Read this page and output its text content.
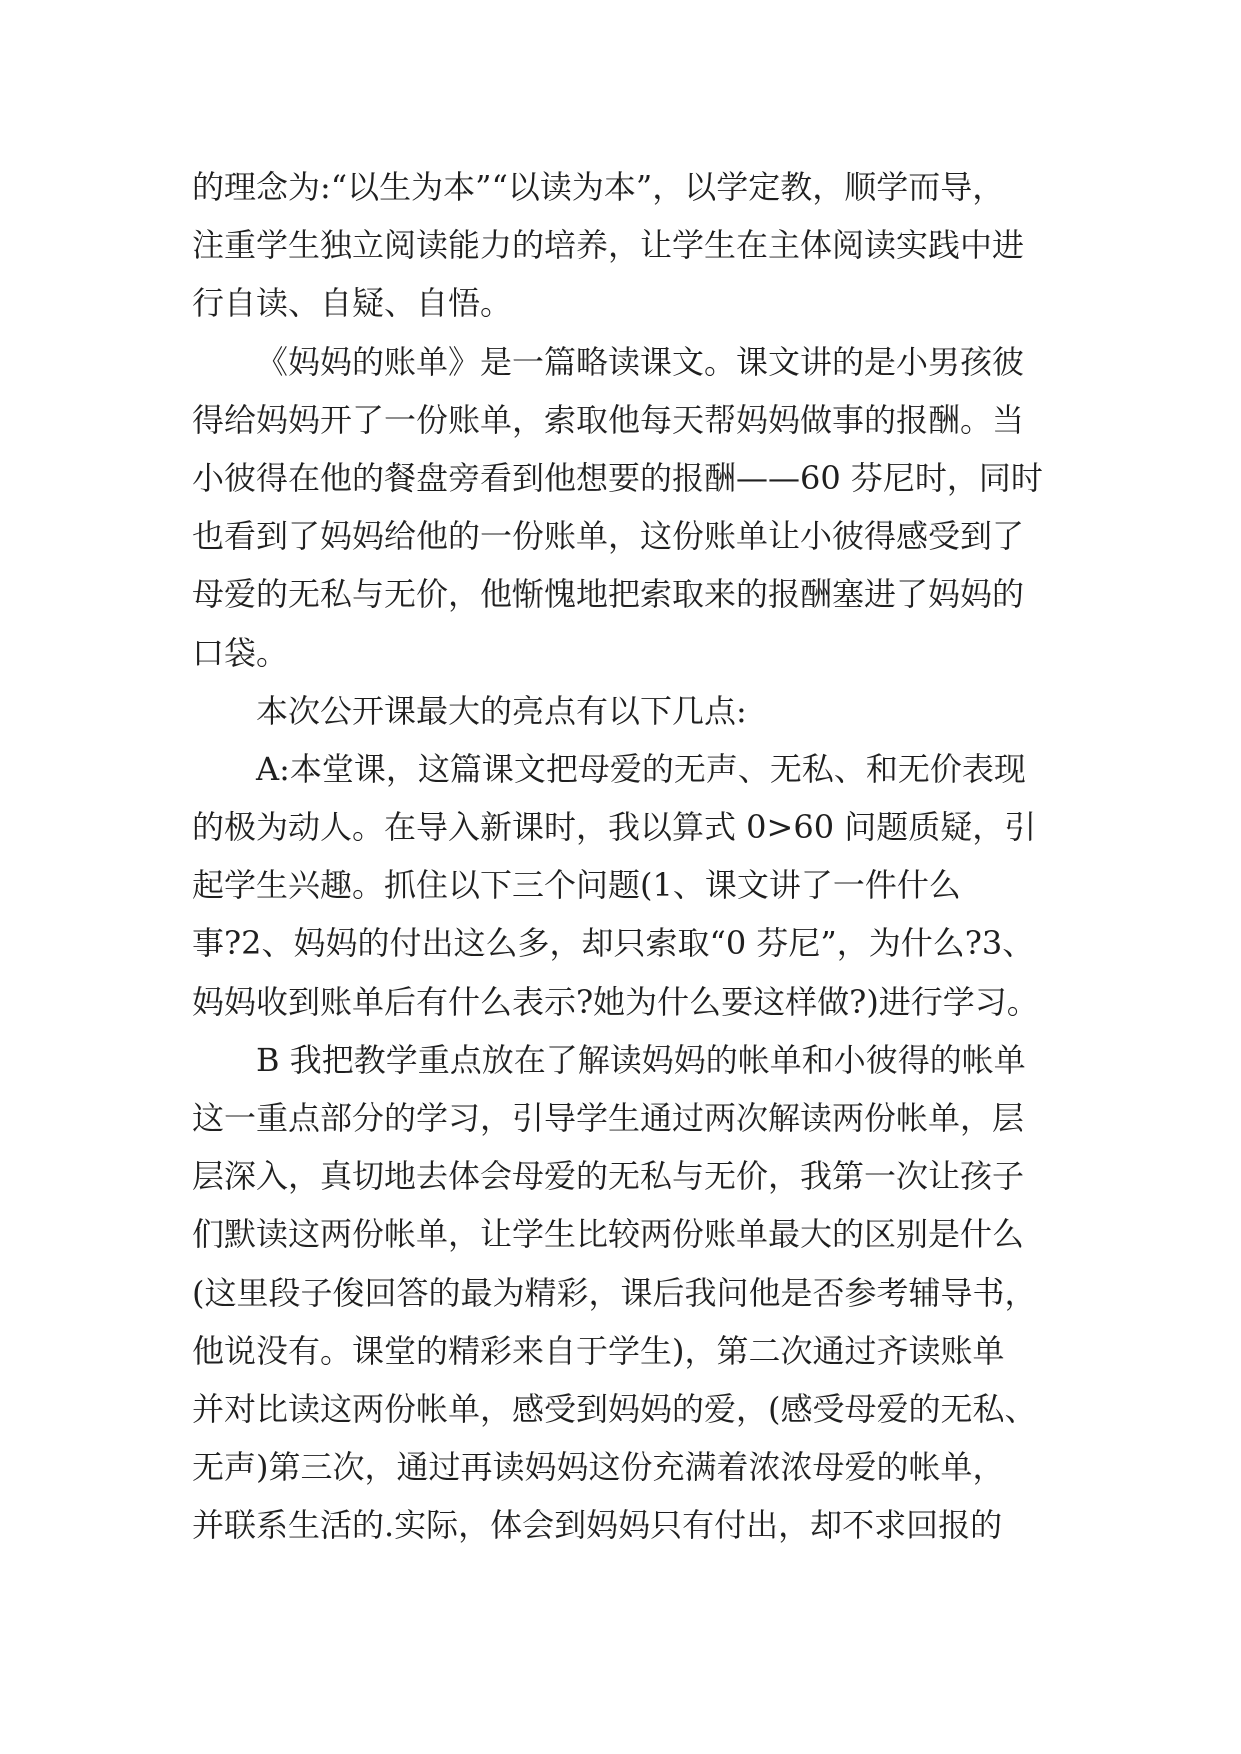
的理念为:“以生为本”“以读为本”，以学定教，顺学而导，
注重学生独立阅读能力的培养，让学生在主体阅读实践中进
行自读、自疑、自悟。
《妈妈的账单》是一篇略读课文。课文讲的是小男孩彼
得给妈妈开了一份账单，索取他每天帮妈妈做事的报酬。当
小彼得在他的餐盘旁看到他想要的报酬——60 芬尼时，同时
也看到了妈妈给他的一份账单，这份账单让小彼得感受到了
母爱的无私与无价，他惭愧地把索取来的报酬塞进了妈妈的
口袋。
本次公开课最大的亮点有以下几点:
A:本堂课，这篇课文把母爱的无声、无私、和无价表现
的极为动人。在导入新课时，我以算式 0>60 问题质疑，引
起学生兴趣。抓住以下三个问题(1、课文讲了一件什么
事?2、妈妈的付出这么多，却只索取“0 芬尼”，为什么?3、
妈妈收到账单后有什么表示?她为什么要这样做?)进行学习。
B 我把教学重点放在了解读妈妈的帐单和小彼得的帐单
这一重点部分的学习，引导学生通过两次解读两份帐单，层
层深入，真切地去体会母爱的无私与无价，我第一次让孩子
们默读这两份帐单，让学生比较两份账单最大的区别是什么
(这里段子俊回答的最为精彩，课后我问他是否参考辅导书，
他说没有。课堂的精彩来自于学生)，第二次通过齐读账单
并对比读这两份帐单，感受到妈妈的爱，(感受母爱的无私、
无声)第三次，通过再读妈妈这份充满着浓浓母爱的帐单，
并联系生活的.实际，体会到妈妈只有付出，却不求回报的
